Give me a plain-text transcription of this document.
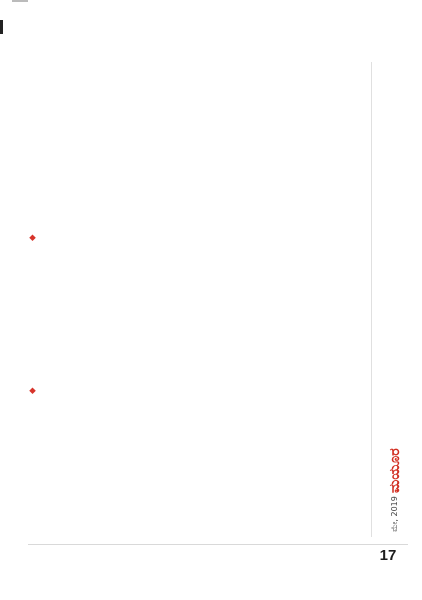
◆
◆
ಮಯೂರ
ಮೇ, 2019
17
